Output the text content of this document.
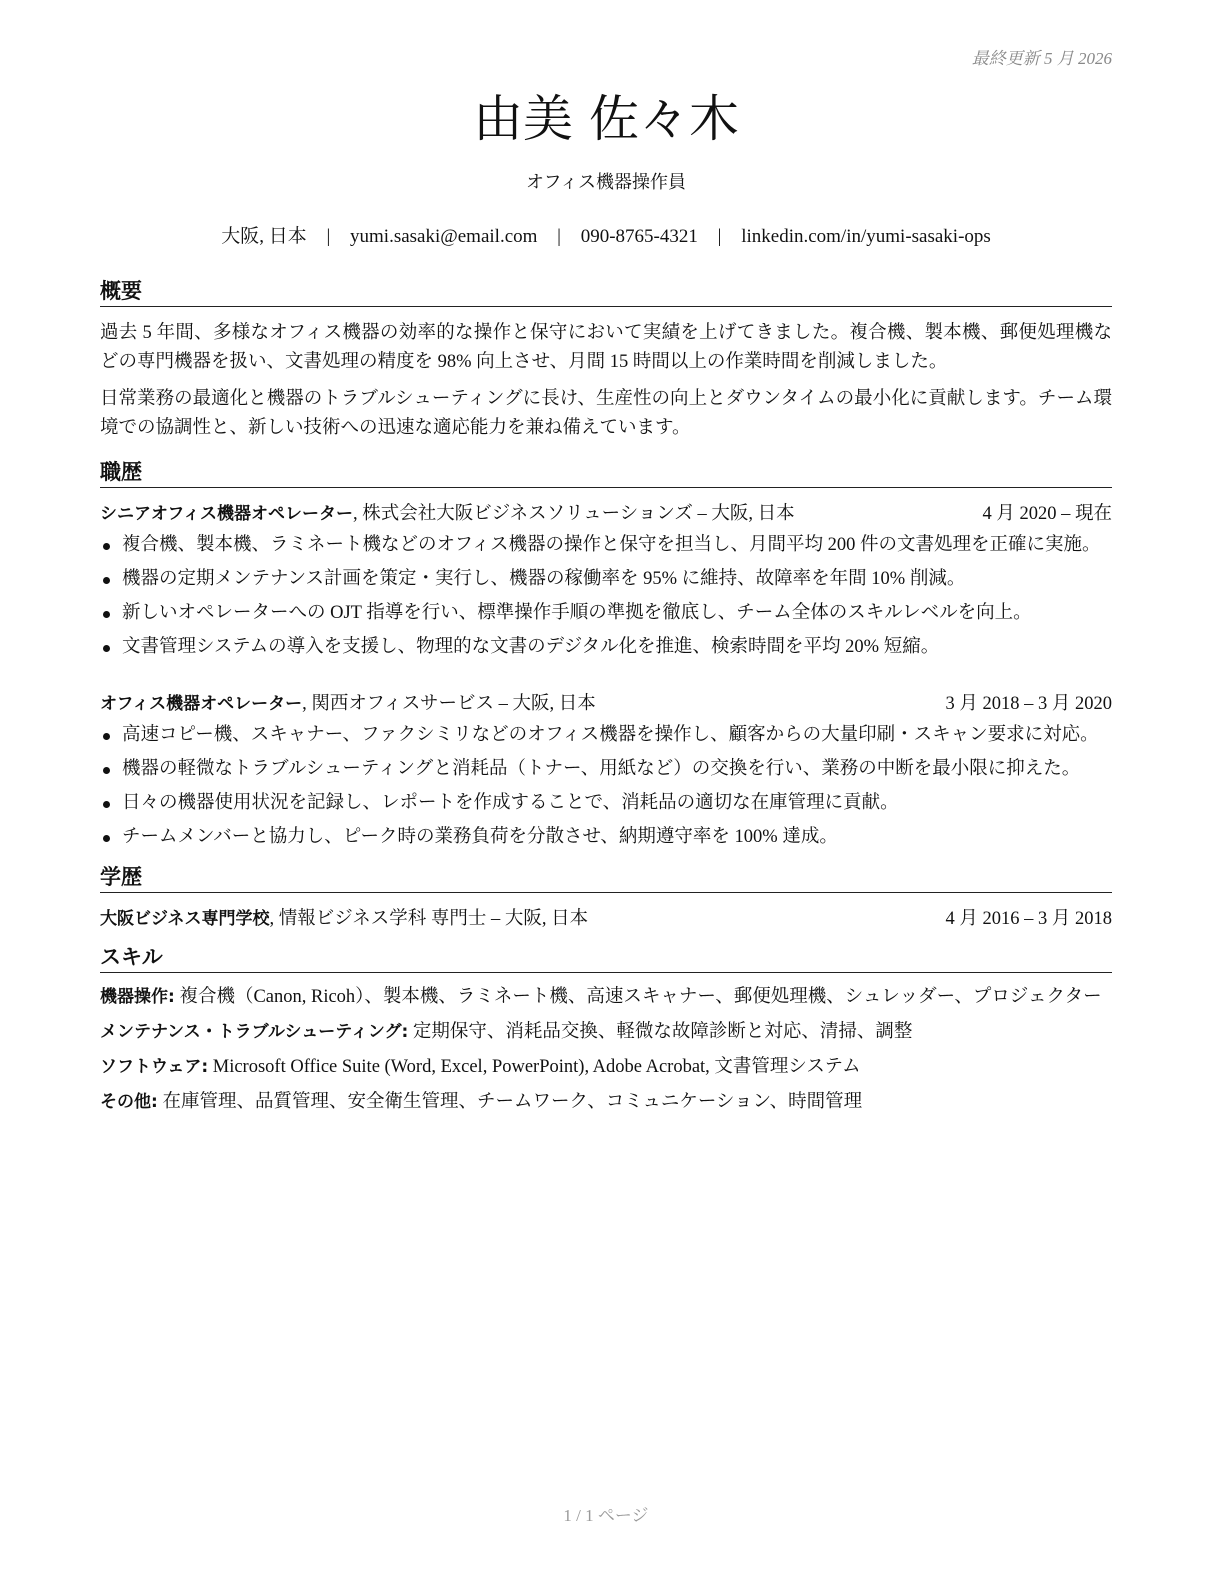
最終更新 5 月 2026
由美 佐々木
オフィス機器操作員
大阪, 日本 | yumi.sasaki@email.com | 090-8765-4321 | linkedin.com/in/yumi-sasaki-ops
概要

過去 5 年間、多様なオフィス機器の効率的な操作と保守において実績を上げてきました。複合機、製本機、郵便処理機などの専門機器を扱い、文書処理の精度を 98% 向上させ、月間 15 時間以上の作業時間を削減しました。

日常業務の最適化と機器のトラブルシューティングに長け、生産性の向上とダウンタイムの最小化に貢献します。チーム環境での協調性と、新しい技術への迅速な適応能力を兼ね備えています。

職歴
シニアオフィス機器オペレーター, 株式会社大阪ビジネスソリューションズ – 大阪, 日本	4 月 2020 – 現在
複合機、製本機、ラミネート機などのオフィス機器の操作と保守を担当し、月間平均 200 件の文書処理を正確に実施。
機器の定期メンテナンス計画を策定・実行し、機器の稼働率を 95% に維持、故障率を年間 10% 削減。
新しいオペレーターへの OJT 指導を行い、標準操作手順の準拠を徹底し、チーム全体のスキルレベルを向上。
文書管理システムの導入を支援し、物理的な文書のデジタル化を推進、検索時間を平均 20% 短縮。
オフィス機器オペレーター, 関西オフィスサービス – 大阪, 日本	3 月 2018 – 3 月 2020
高速コピー機、スキャナー、ファクシミリなどのオフィス機器を操作し、顧客からの大量印刷・スキャン要求に対応。
機器の軽微なトラブルシューティングと消耗品（トナー、用紙など）の交換を行い、業務の中断を最小限に抑えた。
日々の機器使用状況を記録し、レポートを作成することで、消耗品の適切な在庫管理に貢献。
チームメンバーと協力し、ピーク時の業務負荷を分散させ、納期遵守率を 100% 達成。
学歴
大阪ビジネス専門学校, 情報ビジネス学科 専門士 – 大阪, 日本	4 月 2016 – 3 月 2018
スキル
機器操作: 複合機（Canon, Ricoh）、製本機、ラミネート機、高速スキャナー、郵便処理機、シュレッダー、プロジェクター
メンテナンス・トラブルシューティング: 定期保守、消耗品交換、軽微な故障診断と対応、清掃、調整
ソフトウェア: Microsoft Office Suite (Word, Excel, PowerPoint), Adobe Acrobat, 文書管理システム
その他: 在庫管理、品質管理、安全衛生管理、チームワーク、コミュニケーション、時間管理
1 / 1 ページ
